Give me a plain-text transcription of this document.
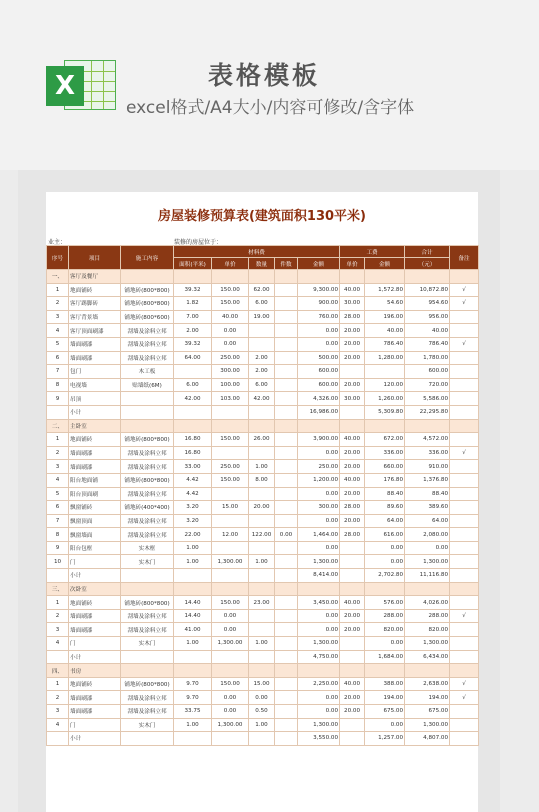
X	表格模板
excel格式/A4大小/内容可修改/含字体
房屋装修预算表(建筑面积130平米)
业主：	装修的房屋位于：
序号	项目	施工内容	材料费					工费		合计	备注
			面积(平米)	单价	数量	件数	金额	单价	金额	（元）	
一、	客厅及餐厅										
1	地面铺砖	铺地砖(800*800)	39.32	150.00	62.00		9,300.00	40.00	1,572.80	10,872.80	√
2	客厅踢脚砖	铺地砖(800*800)	1.82	150.00	6.00		900.00	30.00	54.60	954.60	√
3	客厅背景墙	铺地砖(800*600)	7.00	40.00	19.00		760.00	28.00	196.00	956.00	
4	客厅顶面刷漆	刮墙及涂料立邦	2.00	0.00			0.00	20.00	40.00	40.00	
5	墙面刷漆	刮墙及涂料立邦	39.32	0.00			0.00	20.00	786.40	786.40	√
6	墙面刷漆	刮墙及涂料立邦	64.00	250.00	2.00		500.00	20.00	1,280.00	1,780.00	
7	包门	木工板		300.00	2.00		600.00			600.00	
8	电视墙	贴墙纸(6M)	6.00	100.00	6.00		600.00	20.00	120.00	720.00	
9	吊顶		42.00	103.00	42.00		4,326.00	30.00	1,260.00	5,586.00	
	小计						16,986.00		5,309.80	22,295.80	
二、	主卧室										
1	地面铺砖	铺地砖(800*800)	16.80	150.00	26.00		3,900.00	40.00	672.00	4,572.00	
2	墙面刷漆	刮墙及涂料立邦	16.80				0.00	20.00	336.00	336.00	√
3	墙面刷漆	刮墙及涂料立邦	33.00	250.00	1.00		250.00	20.00	660.00	910.00	
4	阳台地面铺	铺地砖(800*800)	4.42	150.00	8.00		1,200.00	40.00	176.80	1,376.80	
5	阳台顶面刷	刮墙及涂料立邦	4.42				0.00	20.00	88.40	88.40	
6	飘窗铺砖	铺地砖(400*400)	3.20	15.00	20.00		300.00	28.00	89.60	389.60	
7	飘窗顶面	刮墙及涂料立邦	3.20				0.00	20.00	64.00	64.00	
8	飘窗墙面	刮墙及涂料立邦	22.00	12.00	122.00	0.00	1,464.00	28.00	616.00	2,080.00	
9	阳台包框	实木框	1.00				0.00		0.00	0.00	
10	门	实木门	1.00	1,300.00	1.00		1,300.00		0.00	1,300.00	
	小计						8,414.00		2,702.80	11,116.80	
三、	次卧室										
1	地面铺砖	铺地砖(800*800)	14.40	150.00	23.00		3,450.00	40.00	576.00	4,026.00	
2	墙面刷漆	刮墙及涂料立邦	14.40	0.00			0.00	20.00	288.00	288.00	√
3	墙面刷漆	刮墙及涂料立邦	41.00	0.00			0.00	20.00	820.00	820.00	
4	门	实木门	1.00	1,300.00	1.00		1,300.00		0.00	1,300.00	
	小计						4,750.00		1,684.00	6,434.00	
四、	书房										
1	地面铺砖	铺地砖(800*800)	9.70	150.00	15.00		2,250.00	40.00	388.00	2,638.00	√
2	墙面刷漆	刮墙及涂料立邦	9.70	0.00	0.00		0.00	20.00	194.00	194.00	√
3	墙面刷漆	刮墙及涂料立邦	33.75	0.00	0.50		0.00	20.00	675.00	675.00	
4	门	实木门	1.00	1,300.00	1.00		1,300.00		0.00	1,300.00	
	小计						3,550.00		1,257.00	4,807.00	
